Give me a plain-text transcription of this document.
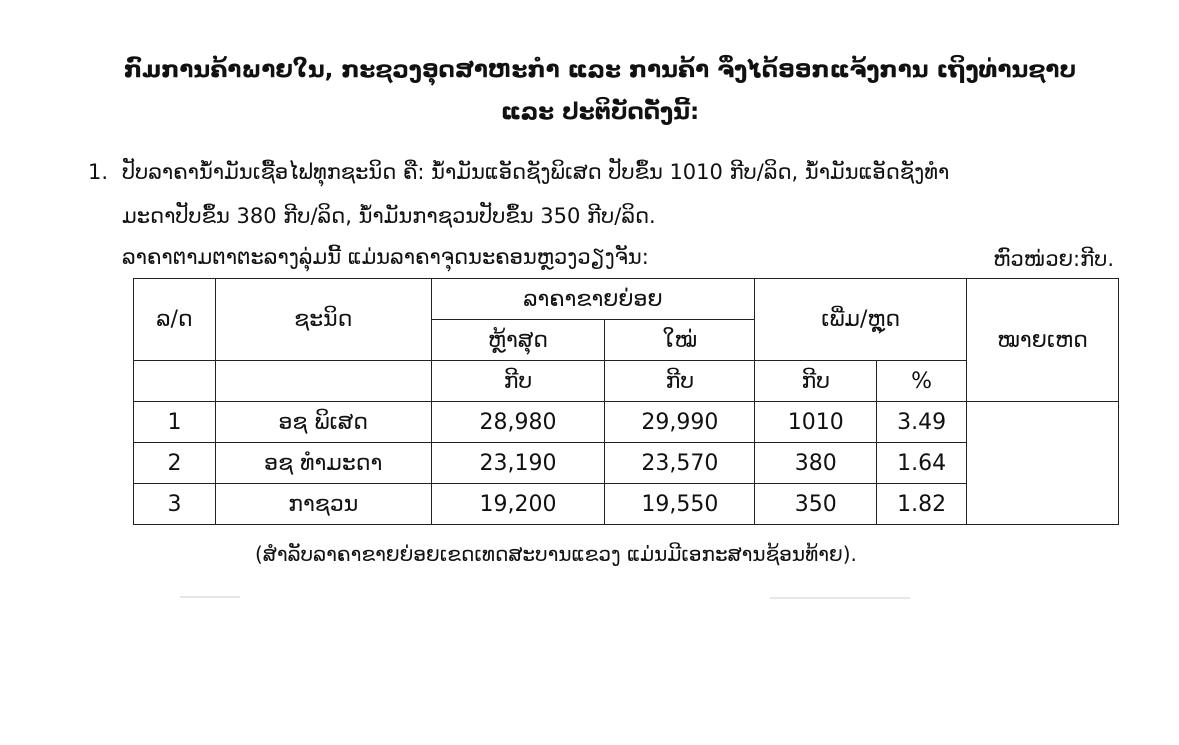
ກົມການຄ້າພາຍໃນ, ກະຊວງອຸດສາຫະກຳ ແລະ ການຄ້າ ຈຶ່ງໄດ້ອອກແຈ້ງການ ເຖິງທ່ານຊາບ
ແລະ ປະຕິບັດດັ່ງນີ້:
1. ປັບລາຄານ້ຳມັນເຊື້ອໄຟທຸກຊະນິດ ຄື: ນ້ຳມັນແອັດຊັງພິເສດ ປັບຂຶ້ນ 1010 ກີບ/ລິດ, ນ້ຳມັນແອັດຊັງທຳ
ມະດາປັບຂຶ້ນ 380 ກີບ/ລິດ, ນ້ຳມັນກາຊວນປັບຂຶ້ນ 350 ກີບ/ລິດ.
ລາຄາຕາມຕາຕະລາງລຸ່ມນີ້ ແມ່ນລາຄາຈຸດນະຄອນຫຼວງວຽງຈັນ:	ຫົວໜ່ວຍ:ກີບ.
ລ/ດ	ຊະນິດ	ລາຄາຂາຍຍ່ອຍ		ເພີ່ມ/ຫຼຸດ		ໝາຍເຫດ
		ຫຼ້າສຸດ	ໃໝ່			
		ກີບ	ກີບ	ກີບ	%	
1	ອຊ ພິເສດ	28,980	29,990	1010	3.49	
2	ອຊ ທຳມະດາ	23,190	23,570	380	1.64	
3	ກາຊວນ	19,200	19,550	350	1.82	
(ສຳລັບລາຄາຂາຍຍ່ອຍເຂດເທດສະບານແຂວງ ແມ່ນມີເອກະສານຊ້ອນທ້າຍ).
